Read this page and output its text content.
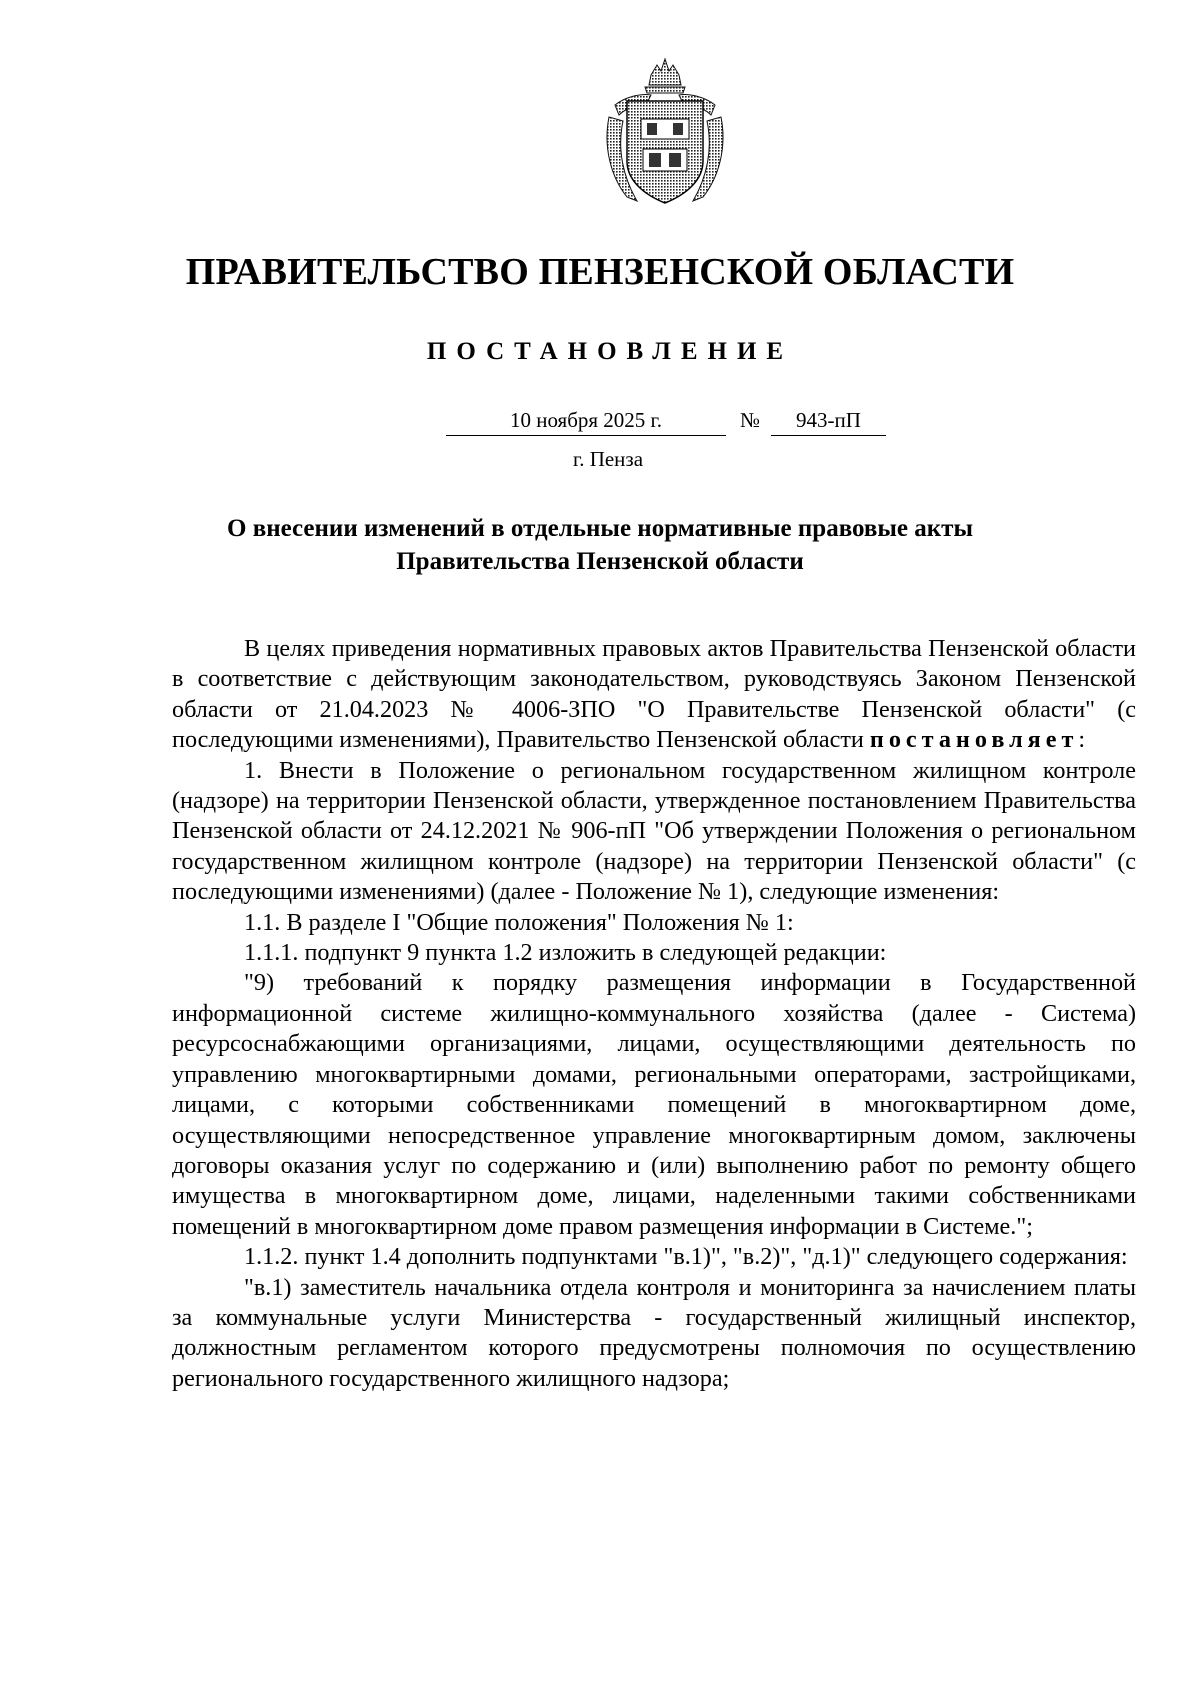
ПРАВИТЕЛЬСТВО ПЕНЗЕНСКОЙ ОБЛАСТИ
ПОСТАНОВЛЕНИЕ
10 ноября 2025 г.	№	943-пП
г. Пенза
О внесении изменений в отдельные нормативные правовые акты
Правительства Пензенской области

В целях приведения нормативных правовых актов Правительства Пензенской области в соответствие с действующим законодательством, руководствуясь Законом Пензенской области от 21.04.2023 № 4006-ЗПО "О Правительстве Пензенской области" (с последующими изменениями), Правительство Пензенской области постановляет:

1. Внести в Положение о региональном государственном жилищном контроле (надзоре) на территории Пензенской области, утвержденное постановлением Правительства Пензенской области от 24.12.2021 № 906-пП "Об утверждении Положения о региональном государственном жилищном контроле (надзоре) на территории Пензенской области" (с последующими изменениями) (далее - Положение № 1), следующие изменения:

1.1. В разделе I "Общие положения" Положения № 1:

1.1.1. подпункт 9 пункта 1.2 изложить в следующей редакции:

"9) требований к порядку размещения информации в Государственной информационной системе жилищно-коммунального хозяйства (далее - Система) ресурсоснабжающими организациями, лицами, осуществляющими деятельность по управлению многоквартирными домами, региональными операторами, застройщиками, лицами, с которыми собственниками помещений в многоквартирном доме, осуществляющими непосредственное управление многоквартирным домом, заключены договоры оказания услуг по содержанию и (или) выполнению работ по ремонту общего имущества в многоквартирном доме, лицами, наделенными такими собственниками помещений в многоквартирном доме правом размещения информации в Системе.";

1.1.2. пункт 1.4 дополнить подпунктами "в.1)", "в.2)", "д.1)" следующего содержания:

"в.1) заместитель начальника отдела контроля и мониторинга за начислением платы за коммунальные услуги Министерства - государственный жилищный инспектор, должностным регламентом которого предусмотрены полномочия по осуществлению регионального государственного жилищного надзора;
